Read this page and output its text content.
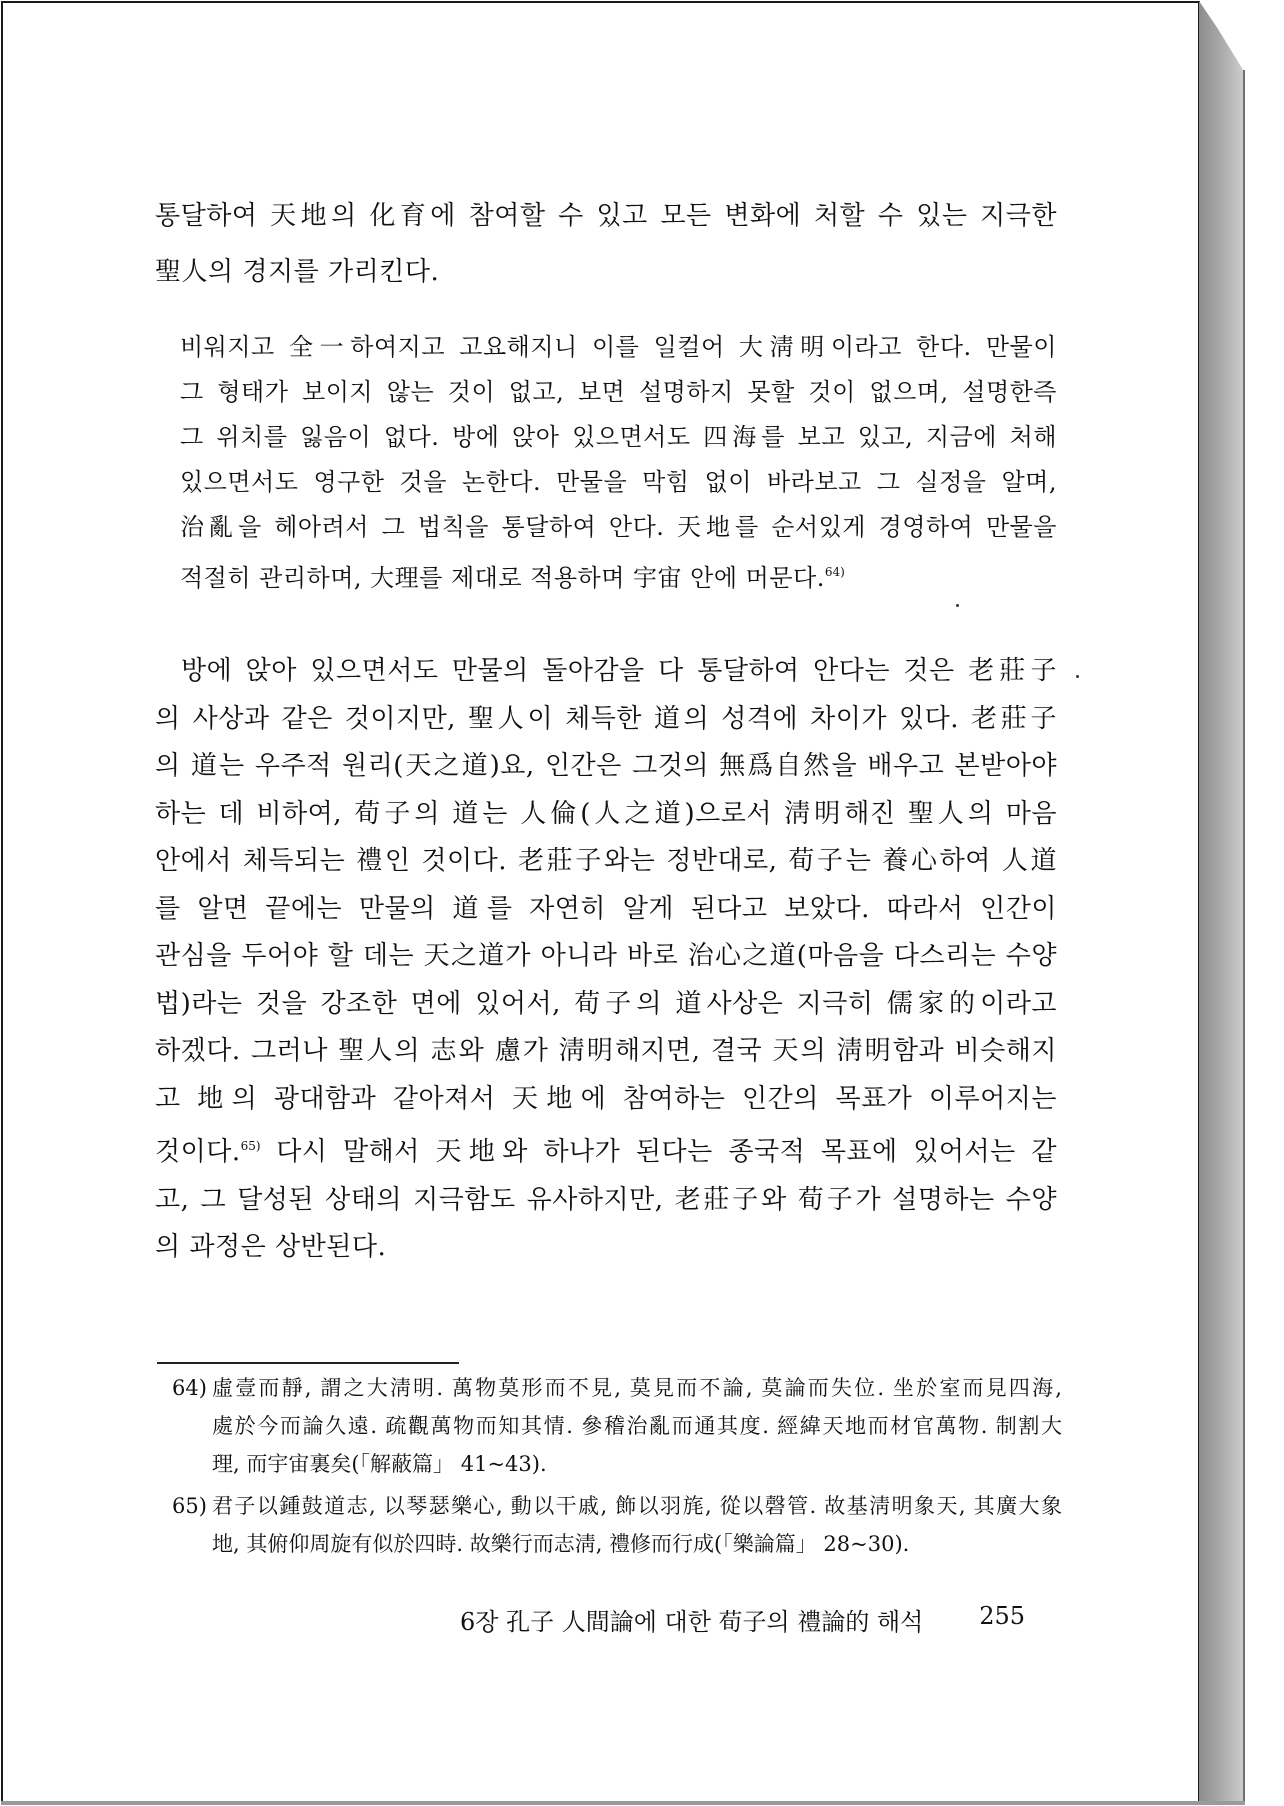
통달하여 天地의 化育에 참여할 수 있고 모든 변화에 처할 수 있는 지극한
聖人의 경지를 가리킨다.
비워지고 全一하여지고 고요해지니 이를 일컬어 大淸明이라고 한다. 만물이
그 형태가 보이지 않는 것이 없고, 보면 설명하지 못할 것이 없으며, 설명한즉
그 위치를 잃음이 없다. 방에 앉아 있으면서도 四海를 보고 있고, 지금에 처해
있으면서도 영구한 것을 논한다. 만물을 막힘 없이 바라보고 그 실정을 알며,
治亂을 헤아려서 그 법칙을 통달하여 안다. 天地를 순서있게 경영하여 만물을
적절히 관리하며, 大理를 제대로 적용하며 宇宙 안에 머문다.$^{64)}$
방에 앉아 있으면서도 만물의 돌아감을 다 통달하여 안다는 것은 老莊子
의 사상과 같은 것이지만, 聖人이 체득한 道의 성격에 차이가 있다. 老莊子
의 道는 우주적 원리(天之道)요, 인간은 그것의 無爲自然을 배우고 본받아야
하는 데 비하여, 荀子의 道는 人倫(人之道)으로서 淸明해진 聖人의 마음
안에서 체득되는 禮인 것이다. 老莊子와는 정반대로, 荀子는 養心하여 人道
를 알면 끝에는 만물의 道를 자연히 알게 된다고 보았다. 따라서 인간이
관심을 두어야 할 데는 天之道가 아니라 바로 治心之道(마음을 다스리는 수양
법)라는 것을 강조한 면에 있어서, 荀子의 道사상은 지극히 儒家的이라고
하겠다. 그러나 聖人의 志와 慮가 淸明해지면, 결국 天의 淸明함과 비슷해지
고 地의 광대함과 같아져서 天地에 참여하는 인간의 목표가 이루어지는
것이다.$^{65)}$ 다시 말해서 天地와 하나가 된다는 종국적 목표에 있어서는 같
고, 그 달성된 상태의 지극함도 유사하지만, 老莊子와 荀子가 설명하는 수양
의 과정은 상반된다.
64) 虛壹而靜, 謂之大淸明. 萬物莫形而不見, 莫見而不論, 莫論而失位. 坐於室而見四海,
處於今而論久遠. 疏觀萬物而知其情. 參稽治亂而通其度. 經緯天地而材官萬物. 制割大
理, 而宇宙裏矣(「解蔽篇」 41~43).
65) 君子以鍾鼓道志, 以琴瑟樂心, 動以干戚, 飾以羽旄, 從以磬管. 故基淸明象天, 其廣大象
地, 其俯仰周旋有似於四時. 故樂行而志淸, 禮修而行成(「樂論篇」 28~30).
6장 孔子 人間論에 대한 荀子의 禮論的 해석 255
